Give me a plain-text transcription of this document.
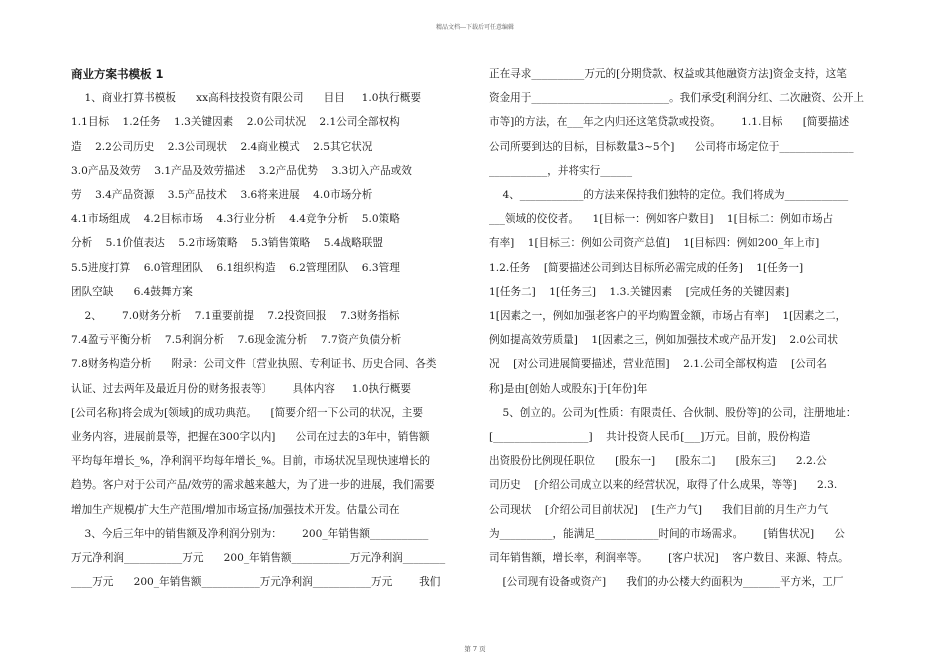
精品文档---下载后可任意编辑
商业方案书模板 1
1、商业打算书模板      xx高科技投资有限公司      目目     1.0执行概要
1.1目标    1.2任务    1.3关键因素    2.0公司状况    2.1公司全部权构
造    2.2公司历史    2.3公司现状    2.4商业模式    2.5其它状况
3.0产品及效劳    3.1产品及效劳描述    3.2产品优势    3.3切入产品或效
劳    3.4产品资源    3.5产品技术    3.6将来进展    4.0市场分析
4.1市场组成    4.2目标市场    4.3行业分析    4.4竞争分析    5.0策略
分析    5.1价值表达    5.2市场策略    5.3销售策略    5.4战略联盟
5.5进度打算    6.0管理团队    6.1组织构造    6.2管理团队    6.3管理
团队空缺      6.4鼓舞方案
2、      7.0财务分析    7.1重要前提    7.2投资回报    7.3财务指标
7.4盈亏平衡分析    7.5利润分析    7.6现金流分析    7.7资产负债分析
7.8财务构造分析      附录：公司文件〔营业执照、专利证书、历史合同、各类
认证、过去两年及最近月份的财务报表等〕      具体内容     1.0执行概要
[公司名称]将会成为[领域]的成功典范。    [简要介绍一下公司的状况，主要
业务内容，进展前景等，把握在300字以内]      公司在过去的3年中，销售额
平均每年增长_%，净利润平均每年增长_%。目前，市场状况呈现快速增长的
趋势。客户对于公司产品/效劳的需求越来越大，为了进一步的进展，我们需要
增加生产规模/扩大生产范围/增加市场宣扬/加强技术开发。估量公司在
3、今后三年中的销售额及净利润分别为：      200_年销售额___________
万元净利润___________万元      200_年销售额___________万元净利润________
____万元      200_年销售额___________万元净利润___________万元        我们
正在寻求__________万元的[分期贷款、权益或其他融资方法]资金支持，这笔
资金用于__________________________。我们承受[利润分红、二次融资、公开上
市等]的方法，在___年之内归还这笔贷款或投资。      1.1.目标      [简要描述
公司所要到达的目标，目标数量3~5个]      公司将市场定位于______________
___________，并将实行______
4、____________的方法来保持我们独特的定位。我们将成为____________
___领域的佼佼者。    1[目标一：例如客户数目]    1[目标二：例如市场占
有率]    1[目标三：例如公司资产总值]    1[目标四：例如200_年上市]
1.2.任务    [简要描述公司到达目标所必需完成的任务]    1[任务一]
1[任务二]    1[任务三]    1.3.关键因素    [完成任务的关键因素]
1[因素之一，例如加强老客户的平均购置金额，市场占有率]    1[因素之二，
例如提高效劳质量]    1[因素之三，例如加强技术或产品开发]    2.0公司状
况    [对公司进展简要描述，营业范围]    2.1.公司全部权构造    [公司名
称]是由[创始人或股东]于[年份]年
5、创立的。公司为[性质：有限责任、合伙制、股份等]的公司，注册地址：
[__________________]    共计投资人民币[___]万元。目前，股份构造
出资股份比例现任职位      [股东一]      [股东二]      [股东三]      2.2.公
司历史    [介绍公司成立以来的经营状况，取得了什么成果，等等]      2.3.
公司现状    [介绍公司目前状况]    [生产力气]      我们目前的月生产力气
为__________，能满足____________时间的市场需求。      [销售状况]      公
司年销售额，增长率，利润率等。      [客户状况]    客户数目、来源、特点。
[公司现有设备或资产]      我们的办公楼大约面积为_______平方米，工厂
第 7 页
